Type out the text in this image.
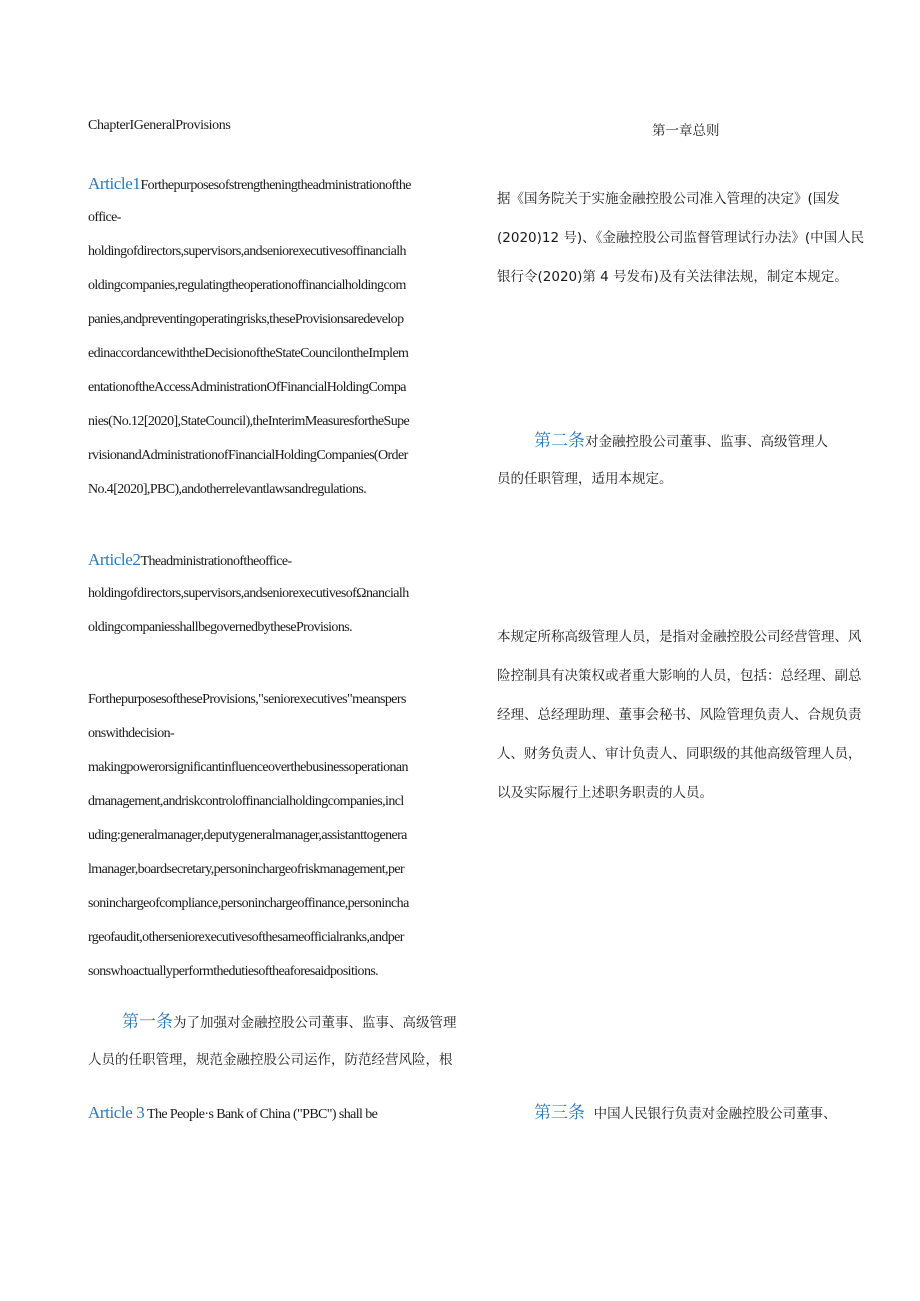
ChapterIGeneralProvisions
Article1Forthepurposesofstrengtheningtheadministrationofthe
office-
holdingofdirectors,supervisors,andseniorexecutivesoffinancialh
oldingcompanies,regulatingtheoperationoffinancialholdingcom
panies,andpreventingoperatingrisks,theseProvisionsaredevelop
edinaccordancewiththeDecisionoftheStateCouncilontheImplem
entationoftheAccessAdministrationOfFinancialHoldingCompa
nies(No.12[2020],StateCouncil),theInterimMeasuresfortheSupe
rvisionandAdministrationofFinancialHoldingCompanies(Order
No.4[2020],PBC),andotherrelevantlawsandregulations.
Article2Theadministrationoftheoffice-
holdingofdirectors,supervisors,andseniorexecutivesofΩnancialh
oldingcompaniesshallbegovernedbytheseProvisions.
ForthepurposesoftheseProvisions,"seniorexecutives"meanspers
onswithdecision-
makingpowerorsignificantinfluenceoverthebusinessoperationan
dmanagement,andriskcontroloffinancialholdingcompanies,incl
uding:generalmanager,deputygeneralmanager,assistanttogenera
lmanager,boardsecretary,personinchargeofriskmanagement,per
soninchargeofcompliance,personinchargeoffinance,personincha
rgeofaudit,otherseniorexecutivesofthesameofficialranks,andper
sonswhoactuallyperformthedutiesoftheaforesaidpositions.
第一条为了加强对金融控股公司董事、监事、高级管理
人员的任职管理，规范金融控股公司运作，防范经营风险，根
Article 3 The People·s Bank of China ("PBC") shall be
第一章总则
据《国务院关于实施金融控股公司准入管理的决定》(国发
(2020)12 号)、《金融控股公司监督管理试行办法》(中国人民
银行令(2020)第 4 号发布)及有关法律法规，制定本规定。
第二条对金融控股公司董事、监事、高级管理人
员的任职管理，适用本规定。
本规定所称高级管理人员，是指对金融控股公司经营管理、风
险控制具有决策权或者重大影响的人员，包括：总经理、副总
经理、总经理助理、董事会秘书、风险管理负责人、合规负责
人、财务负责人、审计负责人、同职级的其他高级管理人员，
以及实际履行上述职务职责的人员。
第三条 中国人民银行负责对金融控股公司董事、
